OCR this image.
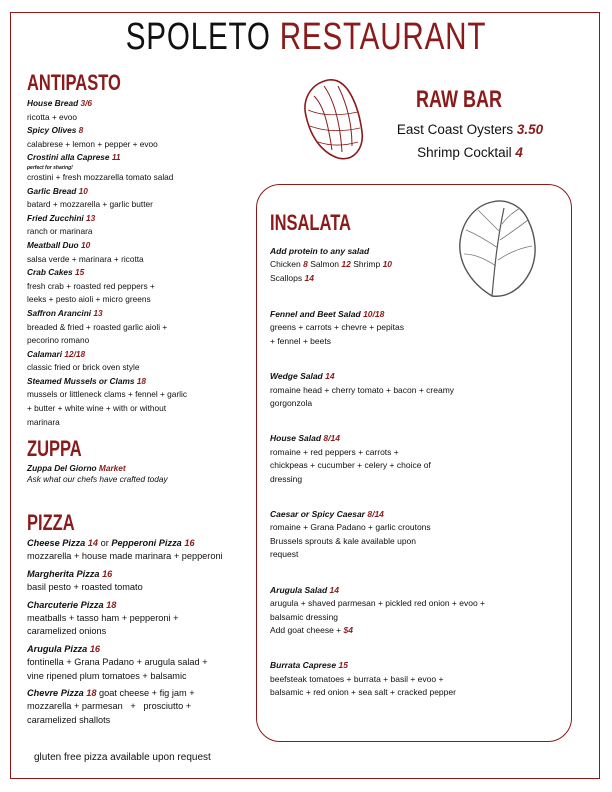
SPOLETO RESTAURANT
ANTIPASTO
House Bread 3/6
ricotta + evoo
Spicy Olives 8
calabrese + lemon + pepper + evoo
Crostini alla Caprese 11
perfect for sharing!
crostini + fresh mozzarella tomato salad
Garlic Bread 10
batard + mozzarella + garlic butter
Fried Zucchini 13
ranch or marinara
Meatball Duo 10
salsa verde + marinara + ricotta
Crab Cakes 15
fresh crab + roasted red peppers +
leeks + pesto aioli + micro greens
Saffron Arancini 13
breaded & fried + roasted garlic aioli +
pecorino romano
Calamari 12/18
classic fried or brick oven style
Steamed Mussels or Clams 18
mussels or littleneck clams + fennel + garlic
+ butter + white wine + with or without
marinara
ZUPPA
Zuppa Del Giorno Market
Ask what our chefs have crafted today
PIZZA
Cheese Pizza 14 or Pepperoni Pizza 16
mozzarella + house made marinara + pepperoni
Margherita Pizza 16
basil pesto + roasted tomato
Charcuterie Pizza 18
meatballs + tasso ham + pepperoni +
caramelized onions
Arugula Pizza 16
fontinella + Grana Padano + arugula salad +
vine ripened plum tomatoes + balsamic
Chevre Pizza 18 goat cheese + fig jam +
mozzarella + parmesan   +   prosciutto +
caramelized shallots
gluten free pizza available upon request
RAW BAR
East Coast Oysters 3.50
Shrimp Cocktail 4
INSALATA
Add protein to any salad
Chicken 8 Salmon 12 Shrimp 10 Scallops 14
Fennel and Beet Salad 10/18
greens + carrots + chevre + pepitas
+ fennel + beets
Wedge Salad 14
romaine head + cherry tomato + bacon + creamy
gorgonzola
House Salad 8/14
romaine + red peppers + carrots +
chickpeas + cucumber + celery + choice of
dressing
Caesar or Spicy Caesar 8/14
romaine + Grana Padano + garlic croutons
Brussels sprouts & kale available upon
request
Arugula Salad 14
arugula + shaved parmesan + pickled red onion + evoo +
balsamic dressing
Add goat cheese + $4
Burrata Caprese 15
beefsteak tomatoes + burrata + basil + evoo +
balsamic + red onion + sea salt + cracked pepper
